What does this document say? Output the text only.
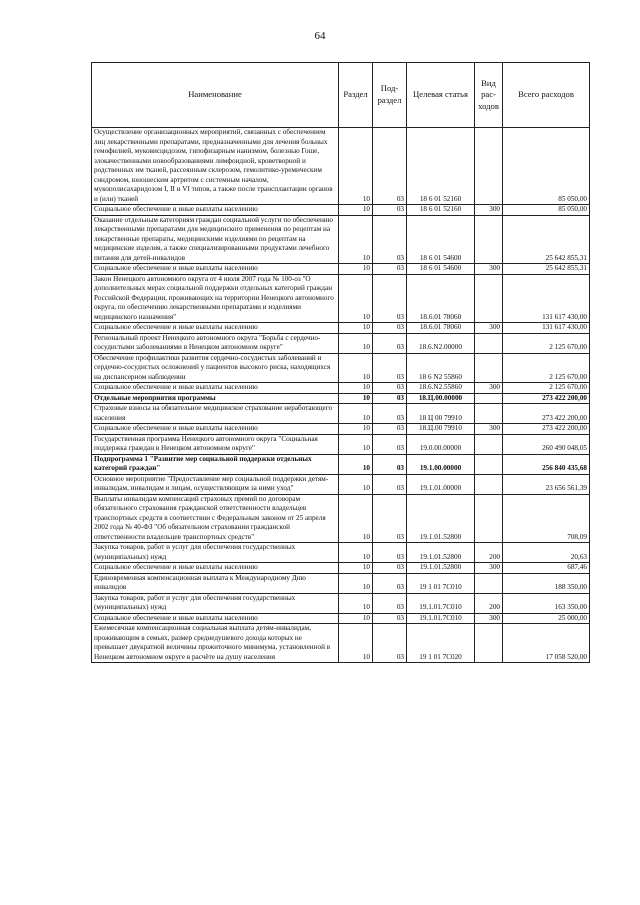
64
Наименование	Раздел	Под-раздел	Целевая статья	Вид рас-ходов	Всего расходов
Осуществление организационных мероприятий, связанных с обеспечением лиц лекарственными препаратами, предназначенными для лечения больных гемофилией, муковисцидозом, гипофизарным нанизмом, болезнью Гоше, злокачественными новообразованиями лимфоидной, кроветворной и родственных им тканей, рассеянным склерозом, гемолитико-уремическим синдромом, юношеским артритом с системным началом, мукополисахаридозом I, II и VI типов, а также после трансплантации органов и (или) тканей	10	03	18 6 01 52160		85 050,00
Социальное обеспечение и иные выплаты населению	10	03	18 6 01 52160	300	85 050,00
Оказание отдельным категориям граждан социальной услуги по обеспечению лекарственными препаратами для медицинского применения по рецептам на лекарственные препараты, медицинскими изделиями по рецептам на медицинские изделия, а также специализированными продуктами лечебного питания для детей-инвалидов	10	03	18 6 01 54600		25 642 855,31
Социальное обеспечение и иные выплаты населению	10	03	18 6 01 54600	300	25 642 855,31
Закон Ненецкого автономного округа от 4 июля 2007 года № 100-оз "О дополнительных мерах социальной поддержки отдельных категорий граждан Российской Федерации, проживающих на территории Ненецкого автономного округа, по обеспечению лекарственными препаратами и изделиями медицинского назначения"	10	03	18.6.01 78060		131 617 430,00
Социальное обеспечение и иные выплаты населению	10	03	18.6.01 78060	300	131 617 430,00
Региональный проект Ненецкого автономного округа "Борьба с сердечно-сосудистыми заболеваниями в Ненецком автономном округе"	10	03	18.6.N2.00000		2 125 670,00
Обеспечение профилактики развития сердечно-сосудистых заболеваний и сердечно-сосудистых осложнений у пациентов высокого риска, находящихся на диспансерном наблюдении	10	03	18 6 N2 55860		2 125 670,00
Социальное обеспечение и иные выплаты населению	10	03	18.6.N2.55860	300	2 125 670,00
Отдельные мероприятия программы	10	03	18.Ц.00.00000		273 422 200,00
Страховые взносы на обязательное медицинское страхование неработающего населения	10	03	18 Ц 00 79910		273 422 200,00
Социальное обеспечение и иные выплаты населению	10	03	18.Ц.00 79910	300	273 422 200,00
Государственная программа Ненецкого автономного округа "Социальная поддержка граждан в Ненецком автономном округе"	10	03	19.0.00.00000		260 490 048,05
Подпрограмма 1 "Развитие мер социальной поддержки отдельных категорий граждан"	10	03	19.1.00.00000		256 840 435,68
Основное мероприятие "Предоставление мер социальной поддержки детям-инвалидам, инвалидам и лицам, осуществляющим за ними уход"	10	03	19.1.01.00000		23 656 561,39
Выплаты инвалидам компенсаций страховых премий по договорам обязательного страхования гражданской ответственности владельцев транспортных средств в соответствии с Федеральным законом от 25 апреля 2002 года № 40-ФЗ "Об обязательном страховании гражданской ответственности владельцев транспортных средств"	10	03	19.1.01.52800		708,09
Закупка товаров, работ и услуг для обеспечения государственных (муниципальных) нужд	10	03	19.1.01.52800	200	20,63
Социальное обеспечение и иные выплаты населению	10	03	19.1.01.52800	300	687,46
Единовременная компенсационная выплата к Международному Дню инвалидов	10	03	19 1 01 7С010		188 350,00
Закупка товаров, работ и услуг для обеспечения государственных (муниципальных) нужд	10	03	19.1.01.7С010	200	163 350,00
Социальное обеспечение и иные выплаты населению	10	03	19.1.01.7С010	300	25 000,00
Ежемесячная компенсационная социальная выплата детям-инвалидам, проживающим в семьях, размер среднедушевого дохода которых не превышает двукратной величины прожиточного минимума, установленной в Ненецком автономном округе в расчёте на душу населения	10	03	19 1 01 7С020		17 058 520,00
